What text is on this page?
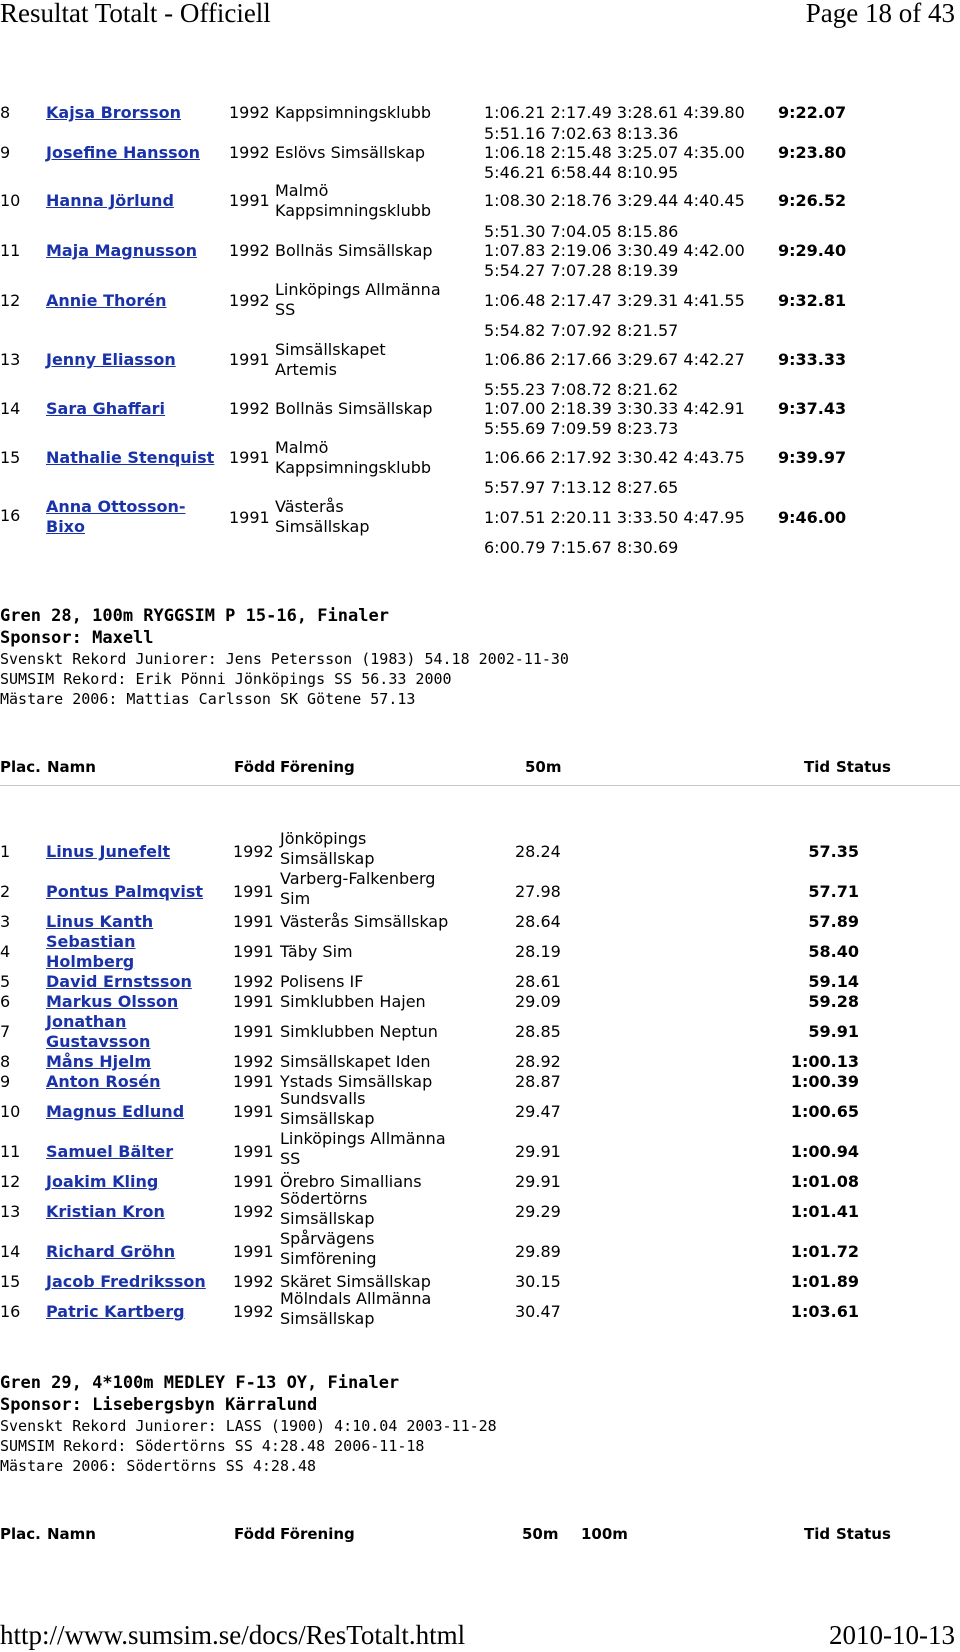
Resultat Totalt - Officiell	Page 18 of 43
8 Kajsa Brorsson	1992 Kappsimningsklubb	1:06.21 2:17.49 3:28.61 4:39.80 9:22.07
5:51.16 7:02.63 8:13.36
9 Josefine Hansson 1992 Eslövs Simsällskap	1:06.18 2:15.48 3:25.07 4:35.00 9:23.80
5:46.21 6:58.44 8:10.95
10 Hanna Jörlund	1991
Malmö
Kappsimningsklubb
1:08.30 2:18.76 3:29.44 4:40.45 9:26.52
5:51.30 7:04.05 8:15.86
11 Maja Magnusson 1992 Bollnäs Simsällskap	1:07.83 2:19.06 3:30.49 4:42.00 9:29.40
5:54.27 7:07.28 8:19.39
12 Annie Thorén	1992
Linköpings Allmänna
SS	1:06.48 2:17.47 3:29.31 4:41.55 9:32.81
5:54.82 7:07.92 8:21.57
13 Jenny Eliasson	1991
Simsällskapet
Artemis
1:06.86 2:17.66 3:29.67 4:42.27 9:33.33
5:55.23 7:08.72 8:21.62
14 Sara Ghaffari	1992 Bollnäs Simsällskap	1:07.00 2:18.39 3:30.33 4:42.91 9:37.43
5:55.69 7:09.59 8:23.73
15 Nathalie Stenquist 1991
Malmö
Kappsimningsklubb
1:06.66 2:17.92 3:30.42 4:43.75 9:39.97
5:57.97 7:13.12 8:27.65
16 Anna Ottosson-
Bixo	1991
Västerås
Simsällskap	1:07.51 2:20.11 3:33.50 4:47.95 9:46.00
6:00.79 7:15.67 8:30.69
Gren 28, 100m RYGGSIM P 15-16, Finaler
Sponsor: Maxell
Svenskt Rekord Juniorer: Jens Petersson (1983) 54.18 2002-11-30
SUMSIM Rekord: Erik Pönni Jönköpings SS 56.33 2000
Mästare 2006: Mattias Carlsson SK Götene 57.13
Plac. Namn	Född Förening	50m	Tid Status
1 Linus Junefelt	1992
Jönköpings
Simsällskap	28.24	57.35
2 Pontus Palmqvist 1991
Varberg-Falkenberg
Sim	27.98	57.71
3 Linus Kanth	1991 Västerås Simsällskap	28.64	57.89
4
Sebastian
Holmberg
1991 Täby Sim	28.19	58.40
5 David Ernstsson	1992 Polisens IF	28.61	59.14
6 Markus Olsson	1991 Simklubben Hajen	29.09	59.28
7
Jonathan
Gustavsson
1991 Simklubben Neptun	28.85	59.91
8 Måns Hjelm	1992 Simsällskapet Iden	28.92	1:00.13
9 Anton Rosén	1991 Ystads Simsällskap	28.87	1:00.39
10 Magnus Edlund	1991
Sundsvalls
Simsällskap	29.47	1:00.65
11 Samuel Bälter	1991
Linköpings Allmänna
SS	29.91	1:00.94
12 Joakim Kling	1991 Örebro Simallians	29.91	1:01.08
13 Kristian Kron	1992
Södertörns
Simsällskap	29.29	1:01.41
14 Richard Gröhn	1991
Spårvägens
Simförening	29.89	1:01.72
15 Jacob Fredriksson 1992 Skäret Simsällskap	30.15	1:01.89
16 Patric Kartberg	1992
Mölndals Allmänna
Simsällskap	30.47	1:03.61
Gren 29, 4*100m MEDLEY F-13 OY, Finaler
Sponsor: Lisebergsbyn Kärralund
Svenskt Rekord Juniorer: LASS (1900) 4:10.04 2003-11-28
SUMSIM Rekord: Södertörns SS 4:28.48 2006-11-18
Mästare 2006: Södertörns SS 4:28.48
Plac. Namn	Född Förening	50m 100m	Tid Status
http://www.sumsim.se/docs/ResTotalt.html	2010-10-13
